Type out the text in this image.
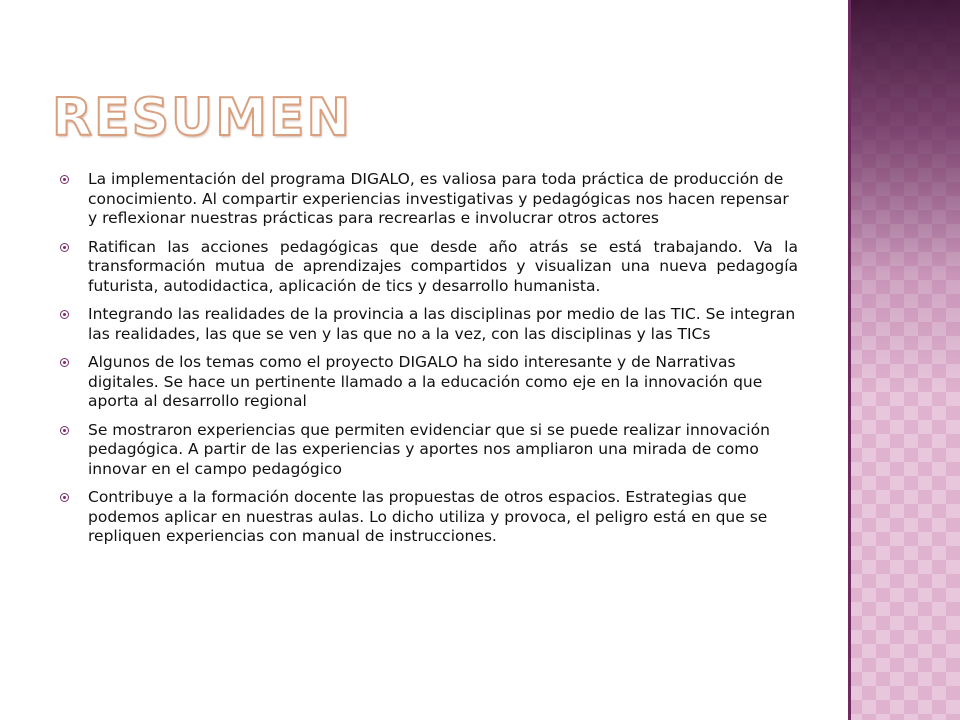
RESUMEN
La implementación del programa DIGALO, es valiosa para toda práctica de producción de conocimiento. Al compartir experiencias investigativas y pedagógicas nos hacen repensar y reflexionar nuestras prácticas para recrearlas e involucrar otros actores
Ratifican las acciones pedagógicas que desde año atrás se está trabajando. Va la transformación mutua de aprendizajes compartidos y visualizan una nueva pedagogía futurista, autodidactica, aplicación de tics y desarrollo humanista.
Integrando las realidades de la provincia a las disciplinas por medio de las TIC. Se integran las realidades, las que se ven y las que no a la vez, con las disciplinas y las TICs
Algunos de los temas como el proyecto DIGALO ha sido interesante y de Narrativas digitales. Se hace un pertinente llamado a la educación como eje en la innovación que aporta al desarrollo regional
Se mostraron experiencias que permiten evidenciar que si se puede realizar innovación pedagógica. A partir de las experiencias y aportes nos ampliaron una mirada de como innovar en el campo pedagógico
Contribuye a la formación docente las propuestas de otros espacios. Estrategias que podemos aplicar en nuestras aulas. Lo dicho utiliza y provoca, el peligro está en que se repliquen experiencias con manual de instrucciones.
